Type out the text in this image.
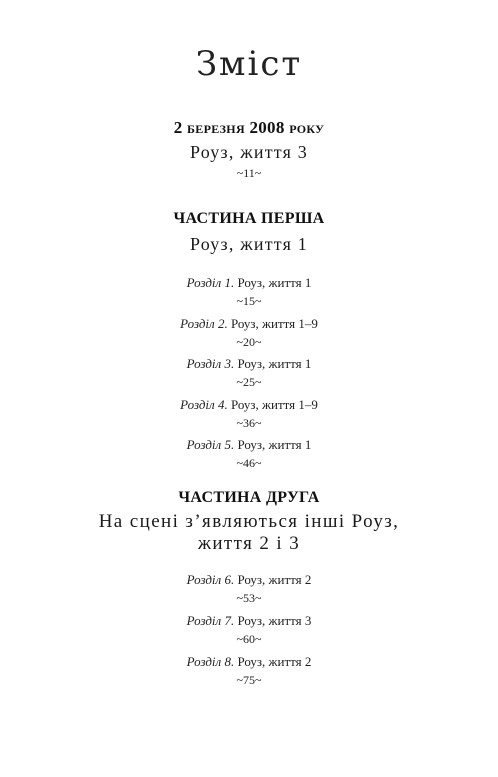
Зміст
2 березня 2008 року
Роуз, життя 3
~11~
ЧАСТИНА ПЕРША
Роуз, життя 1
Розділ 1. Роуз, життя 1
~15~
Розділ 2. Роуз, життя 1–9
~20~
Розділ 3. Роуз, життя 1
~25~
Розділ 4. Роуз, життя 1–9
~36~
Розділ 5. Роуз, життя 1
~46~
ЧАСТИНА ДРУГА
На сцені з’являються інші Роуз,
життя 2 і 3
Розділ 6. Роуз, життя 2
~53~
Розділ 7. Роуз, життя 3
~60~
Розділ 8. Роуз, життя 2
~75~
